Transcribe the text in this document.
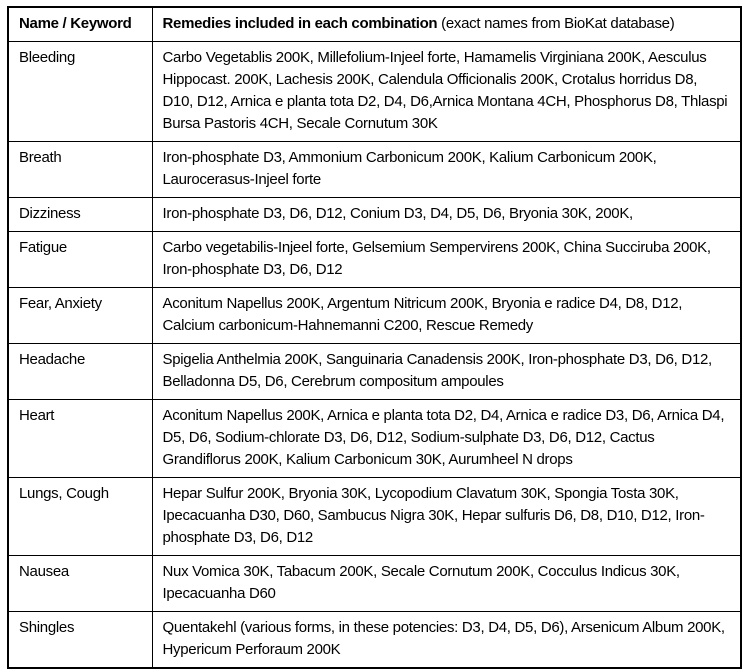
Name / Keyword	Remedies included in each combination (exact names from BioKat database)
Bleeding	Carbo Vegetablis 200K, Millefolium-Injeel forte, Hamamelis Virginiana 200K, Aesculus Hippocast. 200K, Lachesis 200K, Calendula Officionalis 200K, Crotalus horridus D8, D10, D12, Arnica e planta tota D2, D4, D6,Arnica Montana 4CH, Phosphorus D8, Thlaspi Bursa Pastoris 4CH, Secale Cornutum 30K
Breath	Iron-phosphate D3, Ammonium Carbonicum 200K, Kalium Carbonicum 200K, Laurocerasus-Injeel forte
Dizziness	Iron-phosphate D3, D6, D12, Conium D3, D4, D5, D6, Bryonia 30K, 200K,
Fatigue	Carbo vegetabilis-Injeel forte, Gelsemium Sempervirens 200K, China Succiruba 200K, Iron-phosphate D3, D6, D12
Fear, Anxiety	Aconitum Napellus 200K, Argentum Nitricum 200K, Bryonia e radice D4, D8, D12, Calcium carbonicum-Hahnemanni C200, Rescue Remedy
Headache	Spigelia Anthelmia 200K, Sanguinaria Canadensis 200K, Iron-phosphate D3, D6, D12, Belladonna D5, D6, Cerebrum compositum ampoules
Heart	Aconitum Napellus 200K, Arnica e planta tota D2, D4, Arnica e radice D3, D6, Arnica D4, D5, D6, Sodium-chlorate D3, D6, D12, Sodium-sulphate D3, D6, D12, Cactus Grandiflorus 200K, Kalium Carbonicum 30K, Aurumheel N drops
Lungs, Cough	Hepar Sulfur 200K, Bryonia 30K, Lycopodium Clavatum 30K, Spongia Tosta 30K, Ipecacuanha D30, D60, Sambucus Nigra 30K, Hepar sulfuris D6, D8, D10, D12, Iron-phosphate D3, D6, D12
Nausea	Nux Vomica 30K, Tabacum 200K, Secale Cornutum 200K, Cocculus Indicus 30K, Ipecacuanha D60
Shingles	Quentakehl (various forms, in these potencies: D3, D4, D5, D6), Arsenicum Album 200K, Hypericum Perforaum 200K
